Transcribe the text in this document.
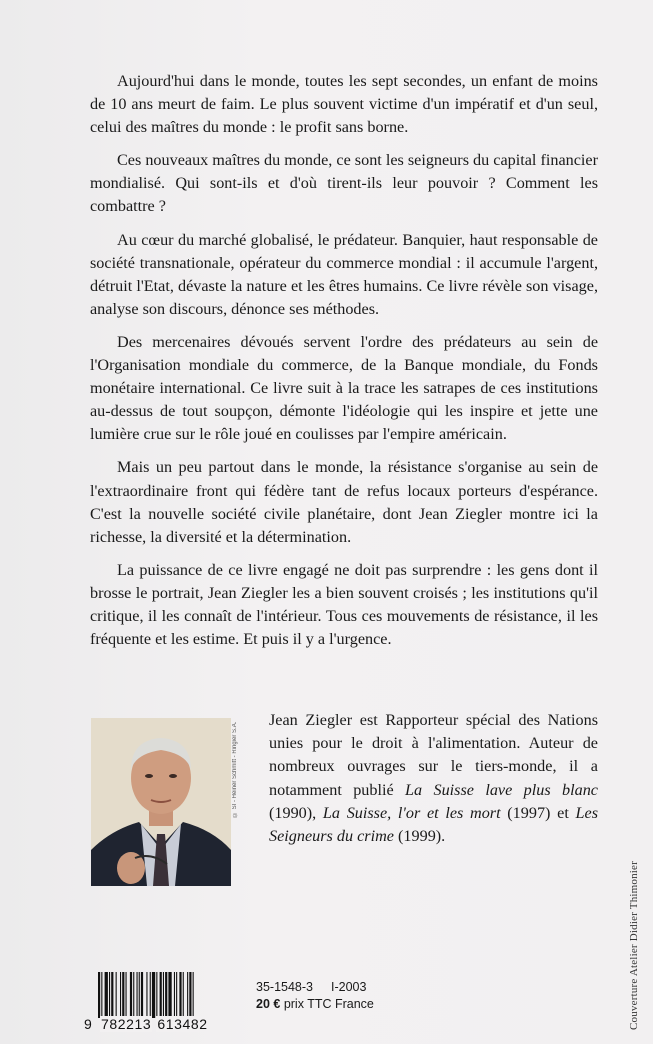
Aujourd'hui dans le monde, toutes les sept secondes, un enfant de moins de 10 ans meurt de faim. Le plus souvent victime d'un impératif et d'un seul, celui des maîtres du monde : le profit sans borne.

Ces nouveaux maîtres du monde, ce sont les seigneurs du capital financier mondialisé. Qui sont-ils et d'où tirent-ils leur pouvoir ? Comment les combattre ?

Au cœur du marché globalisé, le prédateur. Banquier, haut responsable de société transnationale, opérateur du commerce mondial : il accumule l'argent, détruit l'Etat, dévaste la nature et les êtres humains. Ce livre révèle son visage, analyse son discours, dénonce ses méthodes.

Des mercenaires dévoués servent l'ordre des prédateurs au sein de l'Organisation mondiale du commerce, de la Banque mondiale, du Fonds monétaire international. Ce livre suit à la trace les satrapes de ces institutions au-dessus de tout soupçon, démonte l'idéologie qui les inspire et jette une lumière crue sur le rôle joué en coulisses par l'empire américain.

Mais un peu partout dans le monde, la résistance s'organise au sein de l'extraordinaire front qui fédère tant de refus locaux porteurs d'espérance. C'est la nouvelle société civile planétaire, dont Jean Ziegler montre ici la richesse, la diversité et la détermination.

La puissance de ce livre engagé ne doit pas surprendre : les gens dont il brosse le portrait, Jean Ziegler les a bien souvent croisés ; les institutions qu'il critique, il les connaît de l'intérieur. Tous ces mouvements de résistance, il les fréquente et les estime. Et puis il y a l'urgence.

© SI - Heiner Schmitt - Ringier S.A.

Jean Ziegler est Rapporteur spécial des Nations unies pour le droit à l'alimentation. Auteur de nombreux ouvrages sur le tiers-monde, il a notamment publié La Suisse lave plus blanc (1990), La Suisse, l'or et les mort (1997) et Les Seigneurs du crime (1999).

Couverture Atelier Didier Thimonier
9 782213 613482
35-1548-3 I-2003
20 € prix TTC France
